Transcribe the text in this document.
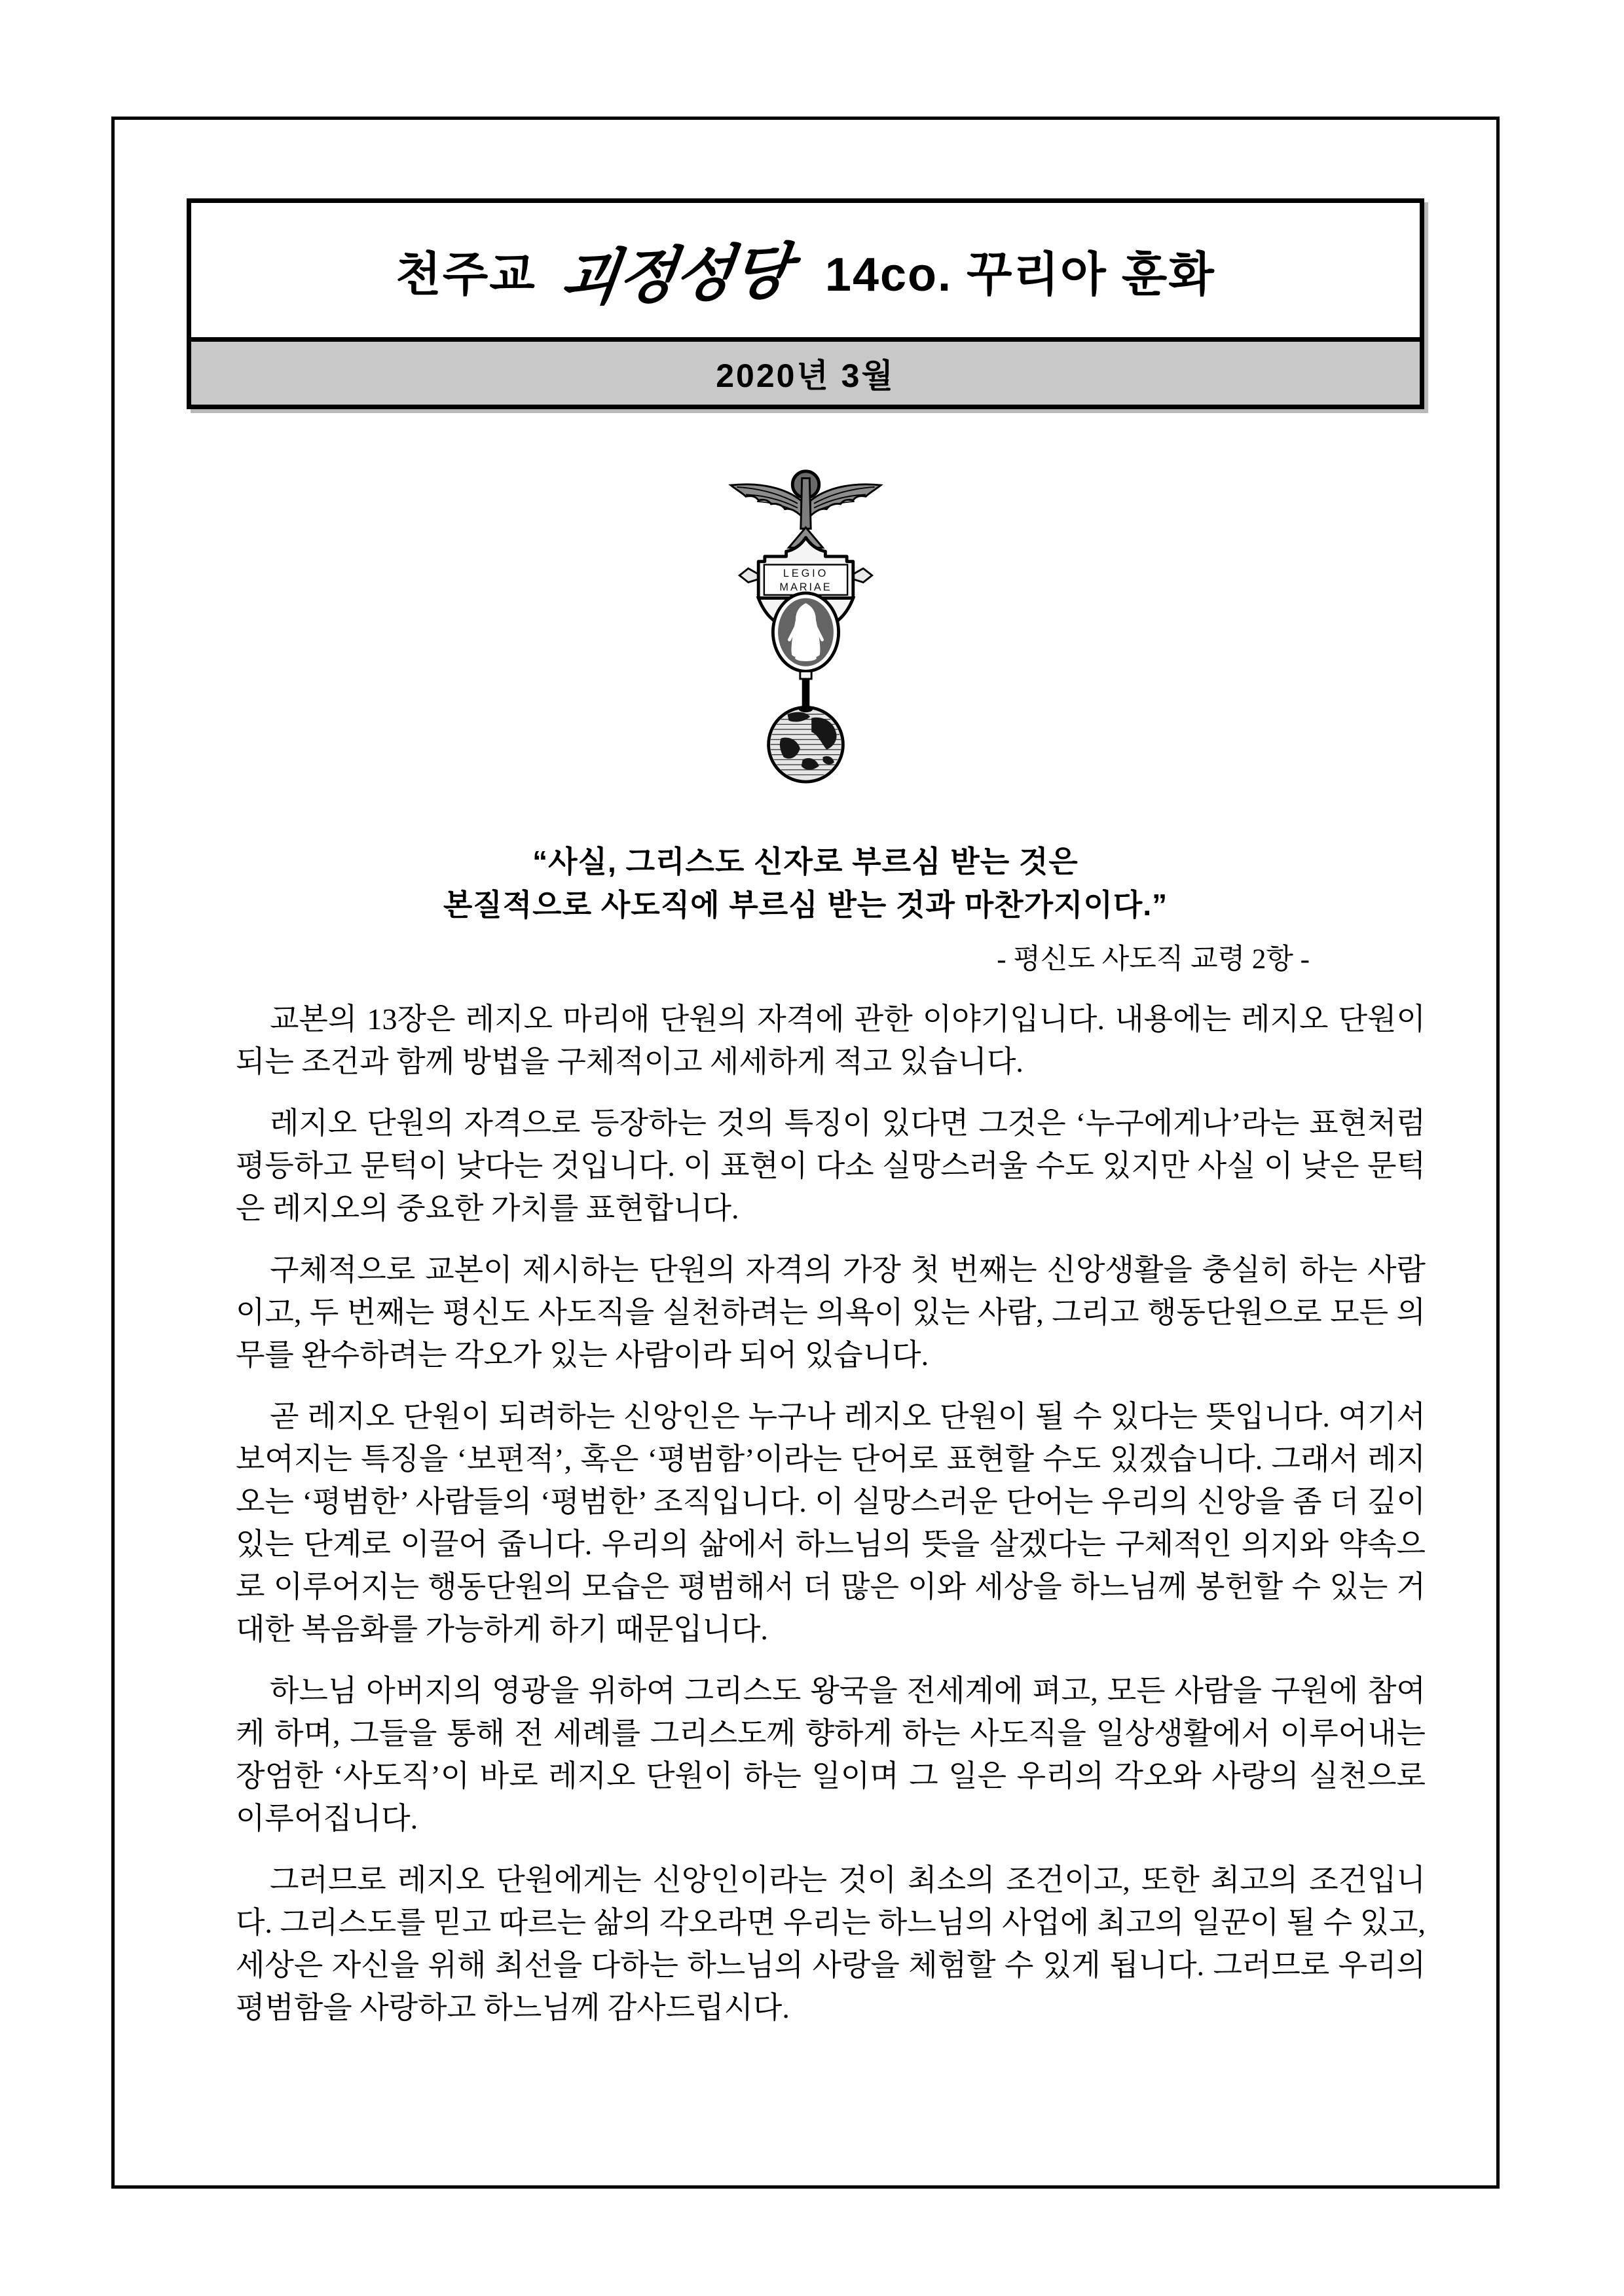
천주교 괴정성당 14co. 꾸리아 훈화
2020년 3월
LEGIO
MARIAE
“사실, 그리스도 신자로 부르심 받는 것은
본질적으로 사도직에 부르심 받는 것과 마찬가지이다.”
- 평신도 사도직 교령 2항 -

교본의 13장은 레지오 마리애 단원의 자격에 관한 이야기입니다. 내용에는 레지오 단원이 되는 조건과 함께 방법을 구체적이고 세세하게 적고 있습니다.

레지오 단원의 자격으로 등장하는 것의 특징이 있다면 그것은 ‘누구에게나’라는 표현처럼 평등하고 문턱이 낮다는 것입니다. 이 표현이 다소 실망스러울 수도 있지만 사실 이 낮은 문턱은 레지오의 중요한 가치를 표현합니다.

구체적으로 교본이 제시하는 단원의 자격의 가장 첫 번째는 신앙생활을 충실히 하는 사람이고, 두 번째는 평신도 사도직을 실천하려는 의욕이 있는 사람, 그리고 행동단원으로 모든 의무를 완수하려는 각오가 있는 사람이라 되어 있습니다.

곧 레지오 단원이 되려하는 신앙인은 누구나 레지오 단원이 될 수 있다는 뜻입니다. 여기서 보여지는 특징을 ‘보편적’, 혹은 ‘평범함’이라는 단어로 표현할 수도 있겠습니다. 그래서 레지오는 ‘평범한’ 사람들의 ‘평범한’ 조직입니다. 이 실망스러운 단어는 우리의 신앙을 좀 더 깊이 있는 단계로 이끌어 줍니다. 우리의 삶에서 하느님의 뜻을 살겠다는 구체적인 의지와 약속으로 이루어지는 행동단원의 모습은 평범해서 더 많은 이와 세상을 하느님께 봉헌할 수 있는 거대한 복음화를 가능하게 하기 때문입니다.

하느님 아버지의 영광을 위하여 그리스도 왕국을 전세계에 펴고, 모든 사람을 구원에 참여케 하며, 그들을 통해 전 세례를 그리스도께 향하게 하는 사도직을 일상생활에서 이루어내는 장엄한 ‘사도직’이 바로 레지오 단원이 하는 일이며 그 일은 우리의 각오와 사랑의 실천으로 이루어집니다.

그러므로 레지오 단원에게는 신앙인이라는 것이 최소의 조건이고, 또한 최고의 조건입니다. 그리스도를 믿고 따르는 삶의 각오라면 우리는 하느님의 사업에 최고의 일꾼이 될 수 있고, 세상은 자신을 위해 최선을 다하는 하느님의 사랑을 체험할 수 있게 됩니다. 그러므로 우리의 평범함을 사랑하고 하느님께 감사드립시다.
